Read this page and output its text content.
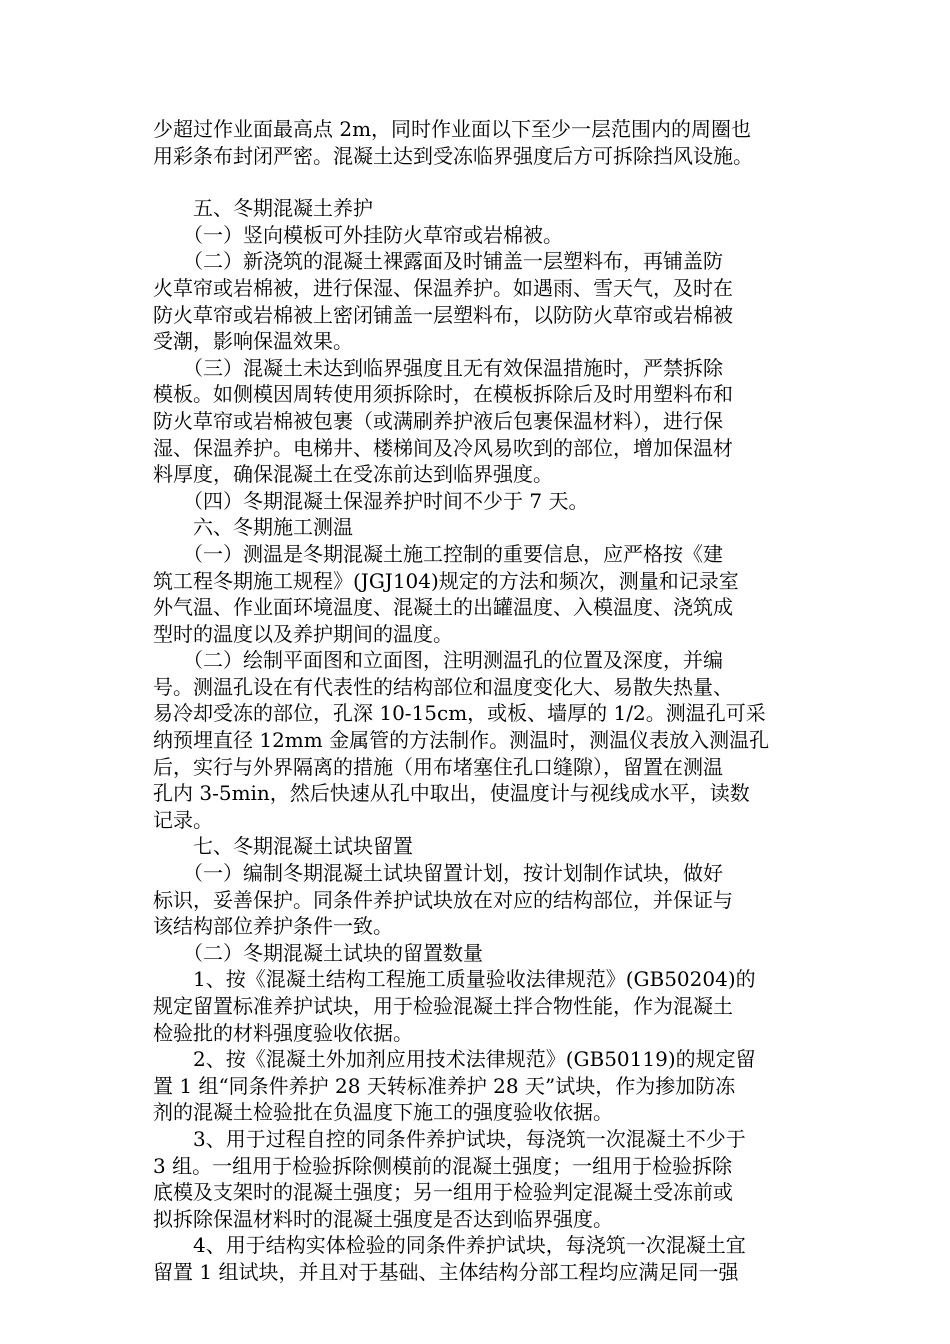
少超过作业面最高点 2m，同时作业面以下至少一层范围内的周圈也

用彩条布封闭严密。混凝土达到受冻临界强度后方可拆除挡风设施。

　　五、冬期混凝土养护

　　（一）竖向模板可外挂防火草帘或岩棉被。

　　（二）新浇筑的混凝土裸露面及时铺盖一层塑料布，再铺盖防

火草帘或岩棉被，进行保湿、保温养护。如遇雨、雪天气，及时在

防火草帘或岩棉被上密闭铺盖一层塑料布，以防防火草帘或岩棉被

受潮，影响保温效果。

　　（三）混凝土未达到临界强度且无有效保温措施时，严禁拆除

模板。如侧模因周转使用须拆除时，在模板拆除后及时用塑料布和

防火草帘或岩棉被包裹（或满刷养护液后包裹保温材料），进行保

湿、保温养护。电梯井、楼梯间及冷风易吹到的部位，增加保温材

料厚度，确保混凝土在受冻前达到临界强度。

　　（四）冬期混凝土保湿养护时间不少于 7 天。

　　六、冬期施工测温

　　（一）测温是冬期混凝土施工控制的重要信息，应严格按《建

筑工程冬期施工规程》(JGJ104)规定的方法和频次，测量和记录室

外气温、作业面环境温度、混凝土的出罐温度、入模温度、浇筑成

型时的温度以及养护期间的温度。

　　（二）绘制平面图和立面图，注明测温孔的位置及深度，并编

号。测温孔设在有代表性的结构部位和温度变化大、易散失热量、

易冷却受冻的部位，孔深 10-15cm，或板、墙厚的 1/2。测温孔可采

纳预埋直径 12mm 金属管的方法制作。测温时，测温仪表放入测温孔

后，实行与外界隔离的措施（用布堵塞住孔口缝隙），留置在测温

孔内 3-5min，然后快速从孔中取出，使温度计与视线成水平，读数

记录。

　　七、冬期混凝土试块留置

　　（一）编制冬期混凝土试块留置计划，按计划制作试块，做好

标识，妥善保护。同条件养护试块放在对应的结构部位，并保证与

该结构部位养护条件一致。

　　（二）冬期混凝土试块的留置数量

　　1、按《混凝土结构工程施工质量验收法律规范》(GB50204)的

规定留置标准养护试块，用于检验混凝土拌合物性能，作为混凝土

检验批的材料强度验收依据。

　　2、按《混凝土外加剂应用技术法律规范》(GB50119)的规定留

置 1 组“同条件养护 28 天转标准养护 28 天”试块，作为掺加防冻

剂的混凝土检验批在负温度下施工的强度验收依据。

　　3、用于过程自控的同条件养护试块，每浇筑一次混凝土不少于

3 组。一组用于检验拆除侧模前的混凝土强度；一组用于检验拆除

底模及支架时的混凝土强度；另一组用于检验判定混凝土受冻前或

拟拆除保温材料时的混凝土强度是否达到临界强度。

　　4、用于结构实体检验的同条件养护试块，每浇筑一次混凝土宜

留置 1 组试块，并且对于基础、主体结构分部工程均应满足同一强
